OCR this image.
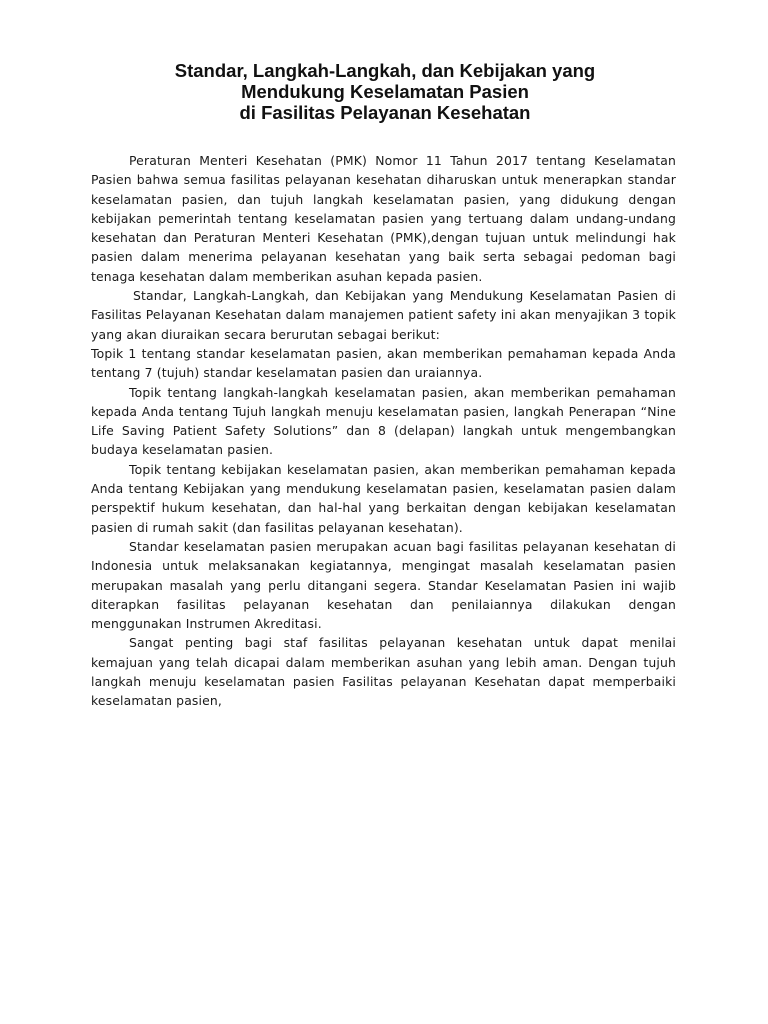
Standar, Langkah-Langkah, dan Kebijakan yang
Mendukung Keselamatan Pasien
di Fasilitas Pelayanan Kesehatan

Peraturan Menteri Kesehatan (PMK) Nomor 11 Tahun 2017 tentang Keselamatan Pasien bahwa semua fasilitas pelayanan kesehatan diharuskan untuk menerapkan standar keselamatan pasien, dan tujuh langkah keselamatan pasien, yang didukung dengan kebijakan pemerintah tentang keselamatan pasien yang tertuang dalam undang-undang kesehatan dan Peraturan Menteri Kesehatan (PMK),dengan tujuan untuk melindungi hak pasien dalam menerima pelayanan kesehatan yang baik serta sebagai pedoman bagi tenaga kesehatan dalam memberikan asuhan kepada pasien.

Standar, Langkah-Langkah, dan Kebijakan yang Mendukung Keselamatan Pasien di Fasilitas Pelayanan Kesehatan dalam manajemen patient safety ini akan menyajikan 3 topik yang akan diuraikan secara berurutan sebagai berikut:

Topik 1 tentang standar keselamatan pasien, akan memberikan pemahaman kepada Anda tentang 7 (tujuh) standar keselamatan pasien dan uraiannya.

Topik tentang langkah-langkah keselamatan pasien, akan memberikan pemahaman kepada Anda tentang Tujuh langkah menuju keselamatan pasien, langkah Penerapan “Nine Life Saving Patient Safety Solutions” dan 8 (delapan) langkah untuk mengembangkan budaya keselamatan pasien.

Topik tentang kebijakan keselamatan pasien, akan memberikan pemahaman kepada Anda tentang Kebijakan yang mendukung keselamatan pasien, keselamatan pasien dalam perspektif hukum kesehatan, dan hal-hal yang berkaitan dengan kebijakan keselamatan pasien di rumah sakit (dan fasilitas pelayanan kesehatan).

Standar keselamatan pasien merupakan acuan bagi fasilitas pelayanan kesehatan di Indonesia untuk melaksanakan kegiatannya, mengingat masalah keselamatan pasien merupakan masalah yang perlu ditangani segera. Standar Keselamatan Pasien ini wajib diterapkan fasilitas pelayanan kesehatan dan penilaiannya dilakukan dengan menggunakan Instrumen Akreditasi.

Sangat penting bagi staf fasilitas pelayanan kesehatan untuk dapat menilai kemajuan yang telah dicapai dalam memberikan asuhan yang lebih aman. Dengan tujuh langkah menuju keselamatan pasien Fasilitas pelayanan Kesehatan dapat memperbaiki keselamatan pasien,
